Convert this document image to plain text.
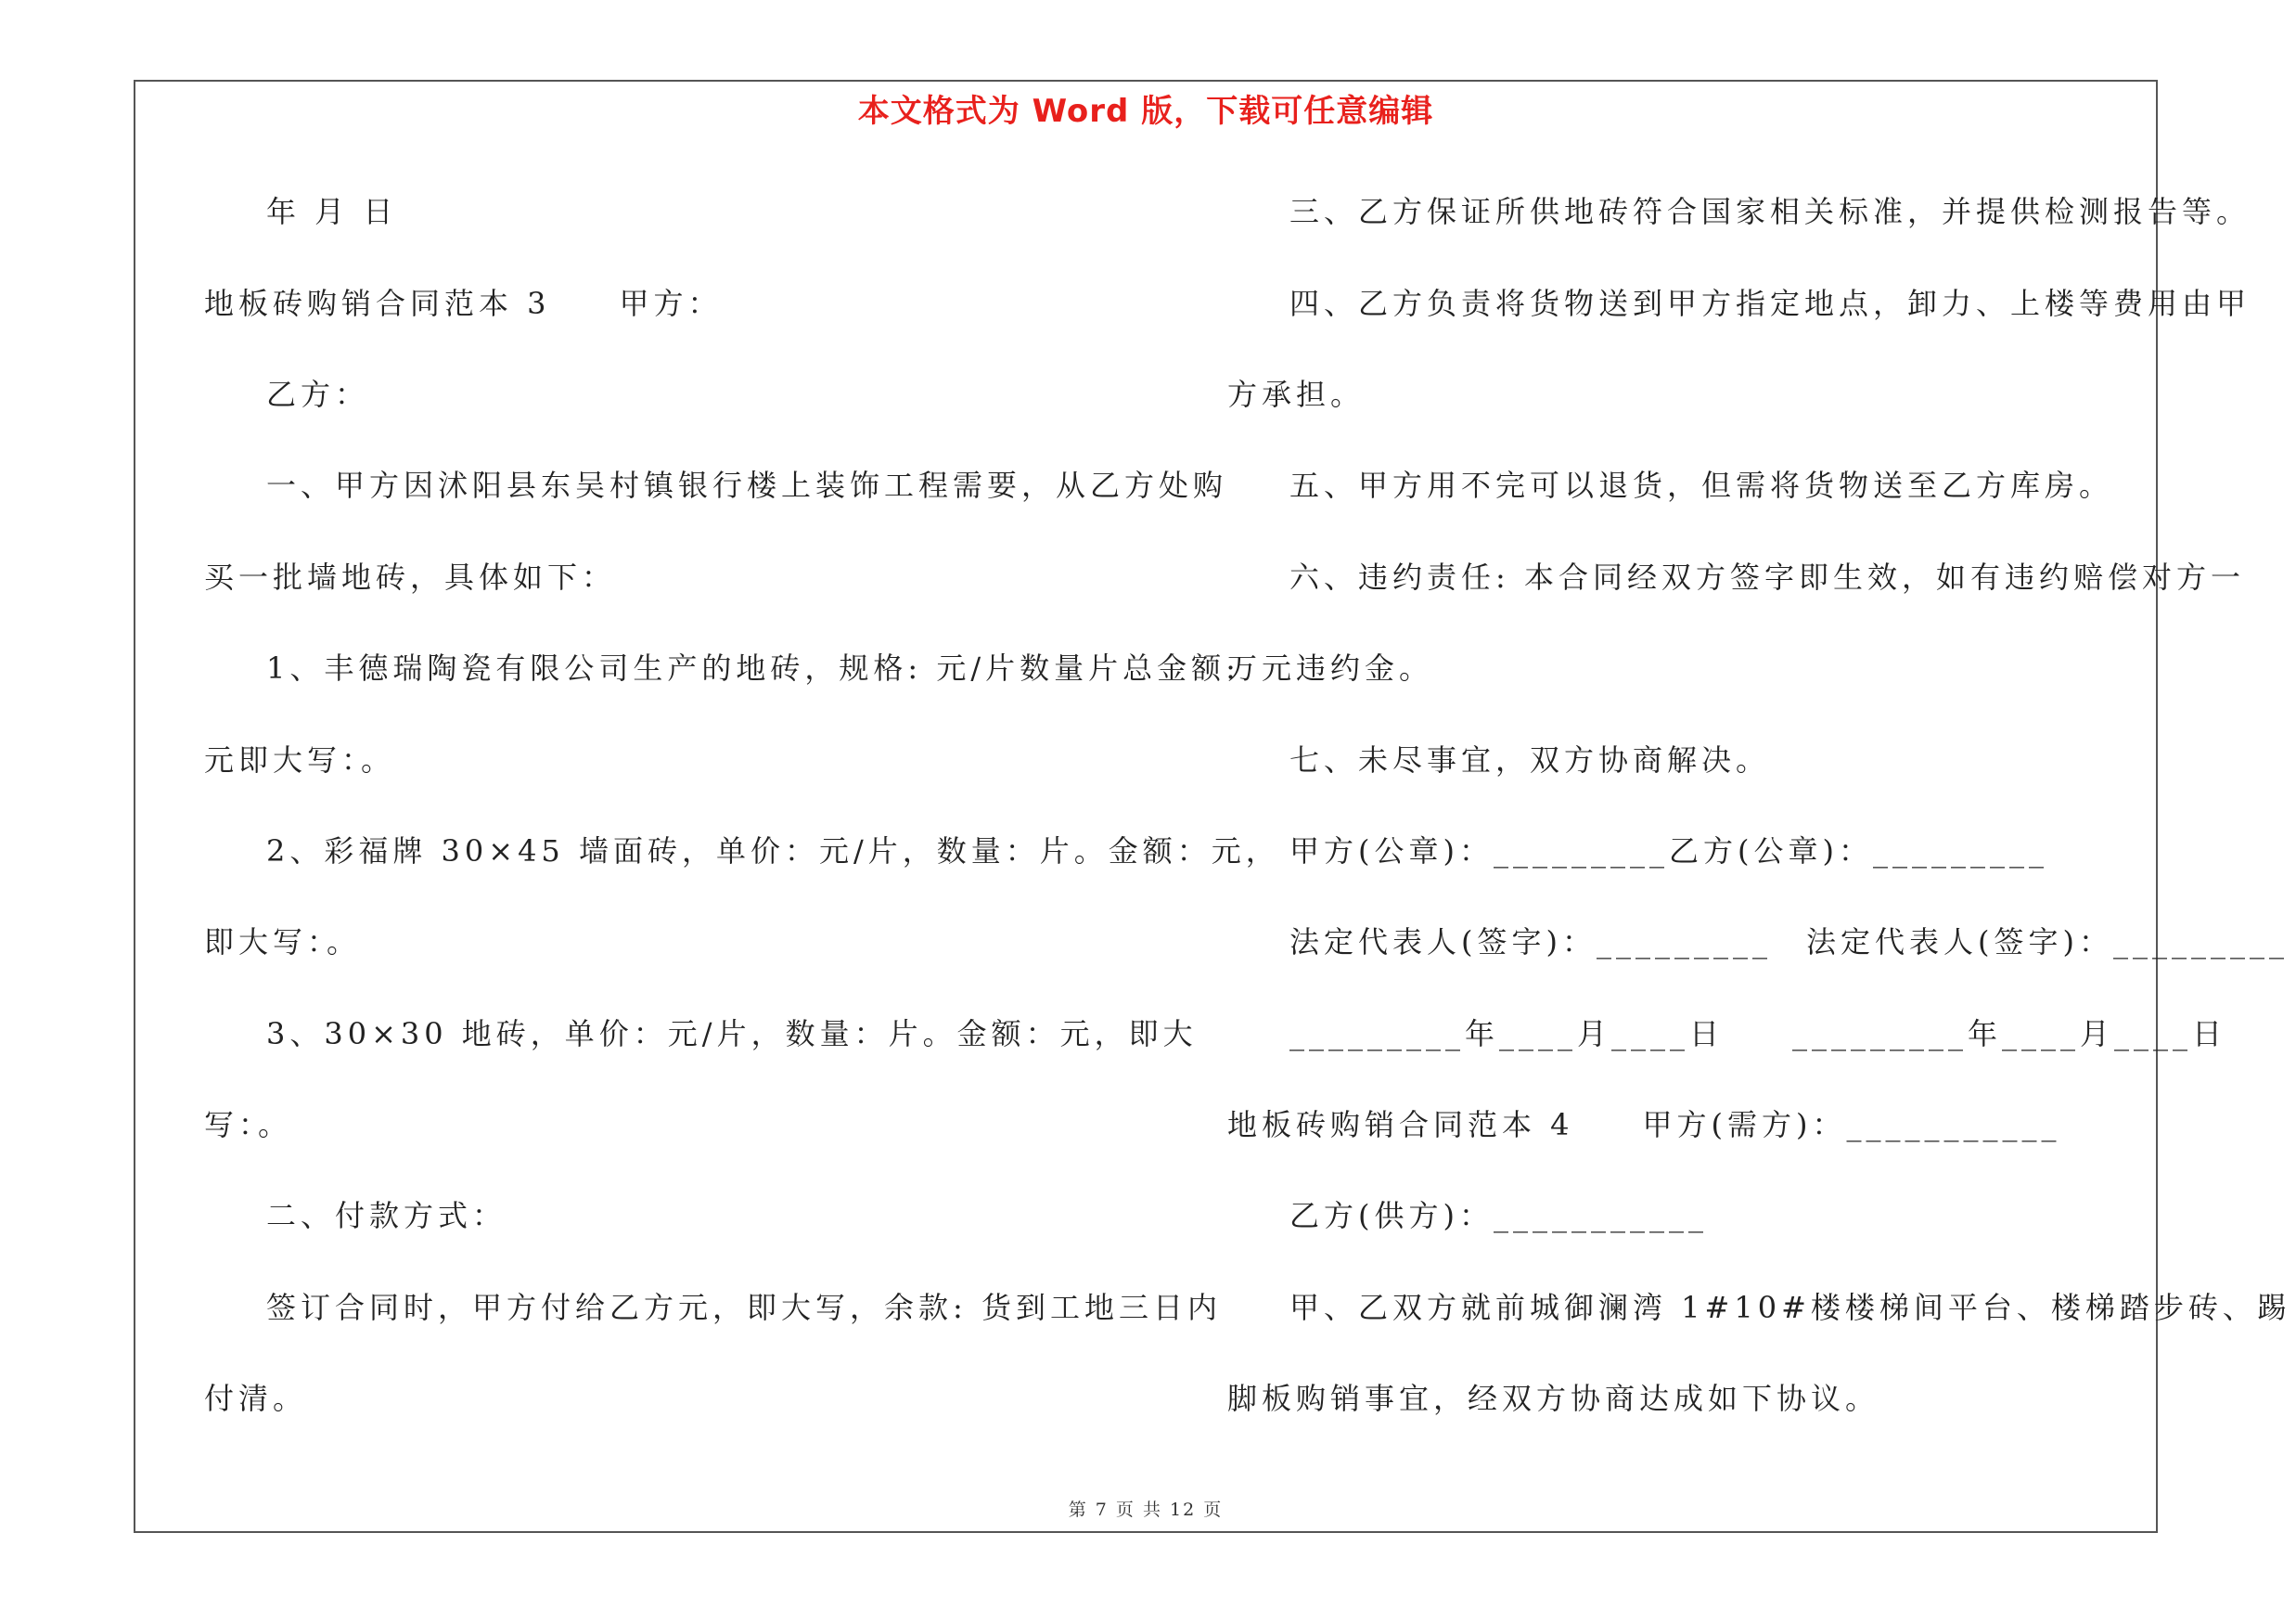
本文格式为 Word 版，下载可任意编辑
年 月 日
地板砖购销合同范本 3　　甲方：
乙方：
一、甲方因沭阳县东吴村镇银行楼上装饰工程需要，从乙方处购
买一批墙地砖，具体如下：
1、丰德瑞陶瓷有限公司生产的地砖，规格: 元/片数量片总金额:
元即大写：。
2、彩福牌 30×45 墙面砖，单价：元/片，数量：片。金额：元，
即大写：。
3、30×30 地砖，单价：元/片，数量：片。金额：元，即大
写：。
二、付款方式：
签订合同时，甲方付给乙方元，即大写，余款: 货到工地三日内
付清。
三、乙方保证所供地砖符合国家相关标准，并提供检测报告等。
四、乙方负责将货物送到甲方指定地点，卸力、上楼等费用由甲
方承担。
五、甲方用不完可以退货，但需将货物送至乙方库房。
六、违约责任: 本合同经双方签字即生效，如有违约赔偿对方一
万元违约金。
七、未尽事宜，双方协商解决。
甲方(公章)：_________乙方(公章)：_________
法定代表人(签字)：_________　法定代表人(签字)：_________
_________年____月____日　　_________年____月____日
地板砖购销合同范本 4　　甲方(需方)：___________
乙方(供方)：___________
甲、乙双方就前城御澜湾 1#10#楼楼梯间平台、楼梯踏步砖、踢
脚板购销事宜，经双方协商达成如下协议。
第 7 页 共 12 页
